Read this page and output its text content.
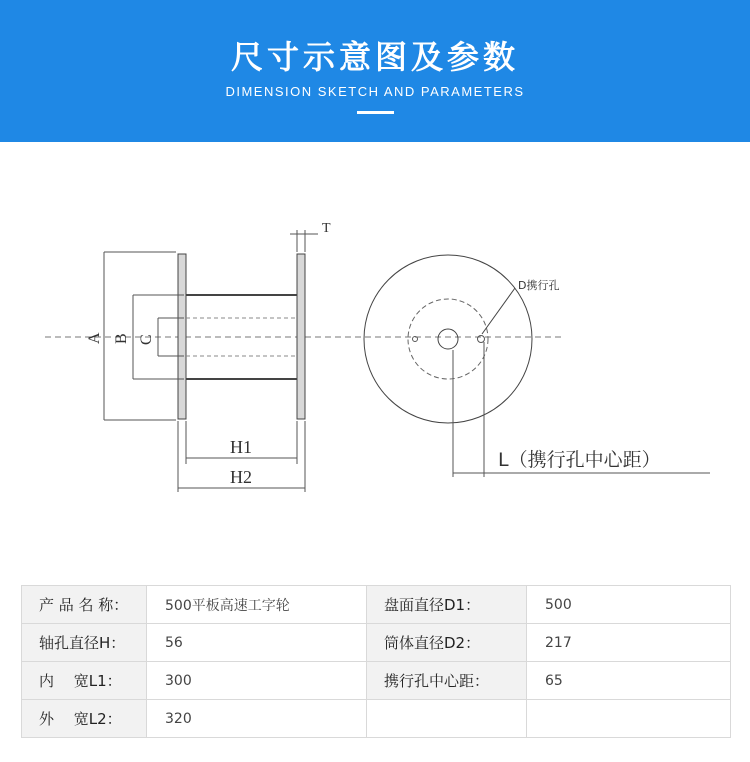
尺寸示意图及参数
DIMENSION SKETCH AND PARAMETERS
T
A B C
H1
H2
D携行孔
L（携行孔中心距）
产 品 名 称：	500平板高速工字轮	盘面直径D1：	500
轴孔直径H：	56	筒体直径D2：	217
内　 宽L1：	300	携行孔中心距：	65
外　 宽L2：	320		
